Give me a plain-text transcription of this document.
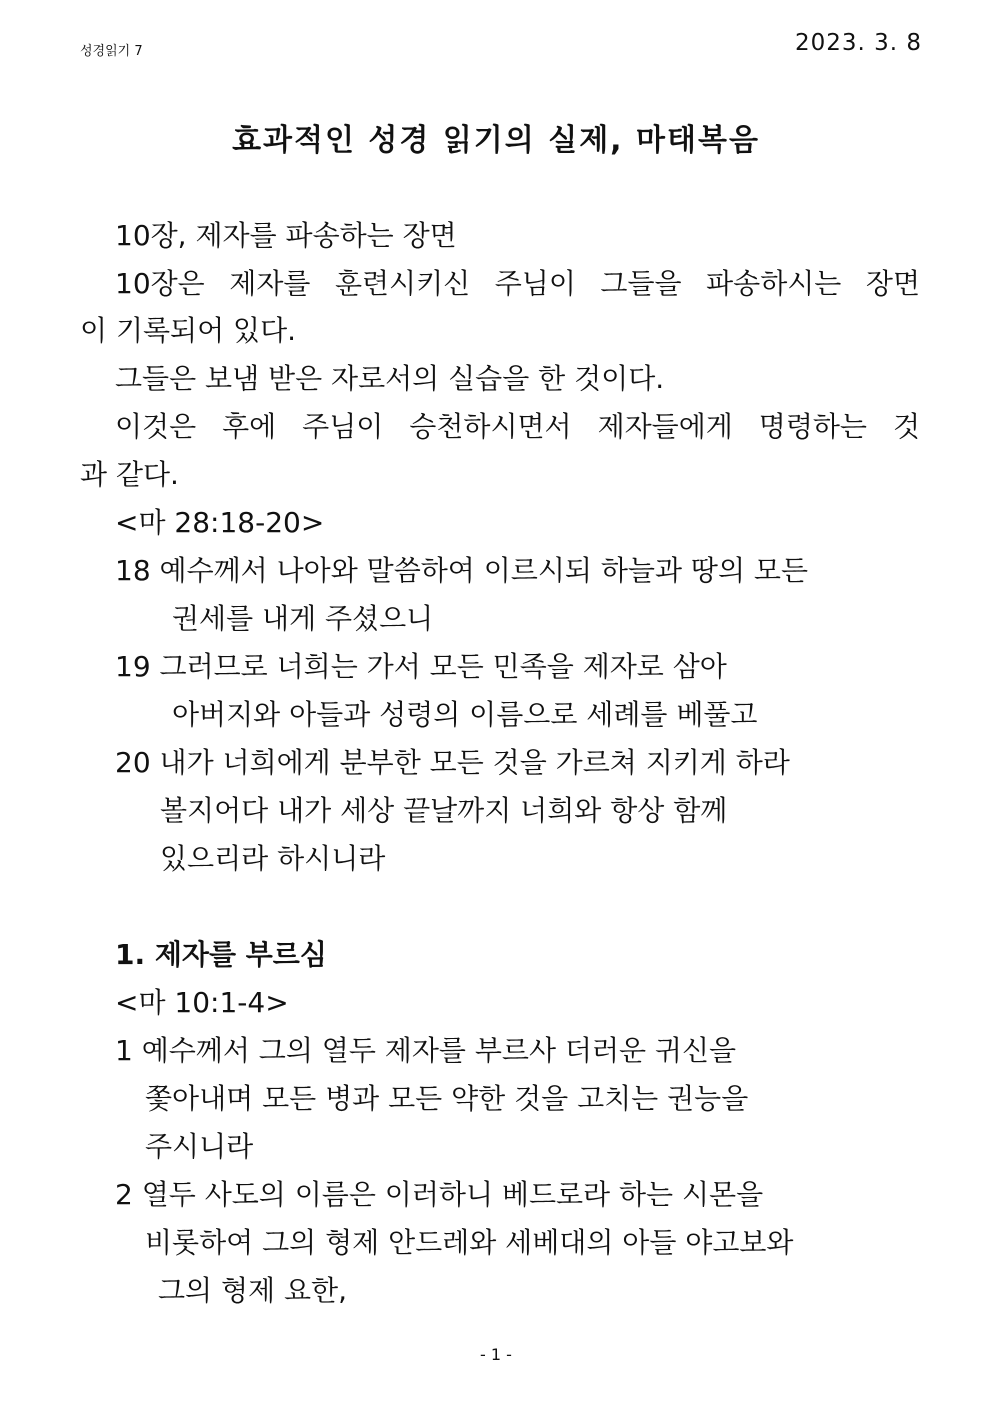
성경읽기 7	2023. 3. 8
효과적인 성경 읽기의 실제, 마태복음
10장, 제자를 파송하는 장면
10장은 제자를 훈련시키신 주님이 그들을 파송하시는 장면
이 기록되어 있다.
그들은 보냄 받은 자로서의 실습을 한 것이다.
이것은 후에 주님이 승천하시면서 제자들에게 명령하는 것
과 같다.
<마 28:18-20>
18 예수께서 나아와 말씀하여 이르시되 하늘과 땅의 모든
권세를 내게 주셨으니
19 그러므로 너희는 가서 모든 민족을 제자로 삼아
아버지와 아들과 성령의 이름으로 세례를 베풀고
20 내가 너희에게 분부한 모든 것을 가르쳐 지키게 하라
볼지어다 내가 세상 끝날까지 너희와 항상 함께
있으리라 하시니라
1. 제자를 부르심
<마 10:1-4>
1 예수께서 그의 열두 제자를 부르사 더러운 귀신을
쫓아내며 모든 병과 모든 약한 것을 고치는 권능을
주시니라
2 열두 사도의 이름은 이러하니 베드로라 하는 시몬을
비롯하여 그의 형제 안드레와 세베대의 아들 야고보와
그의 형제 요한,
- 1 -
